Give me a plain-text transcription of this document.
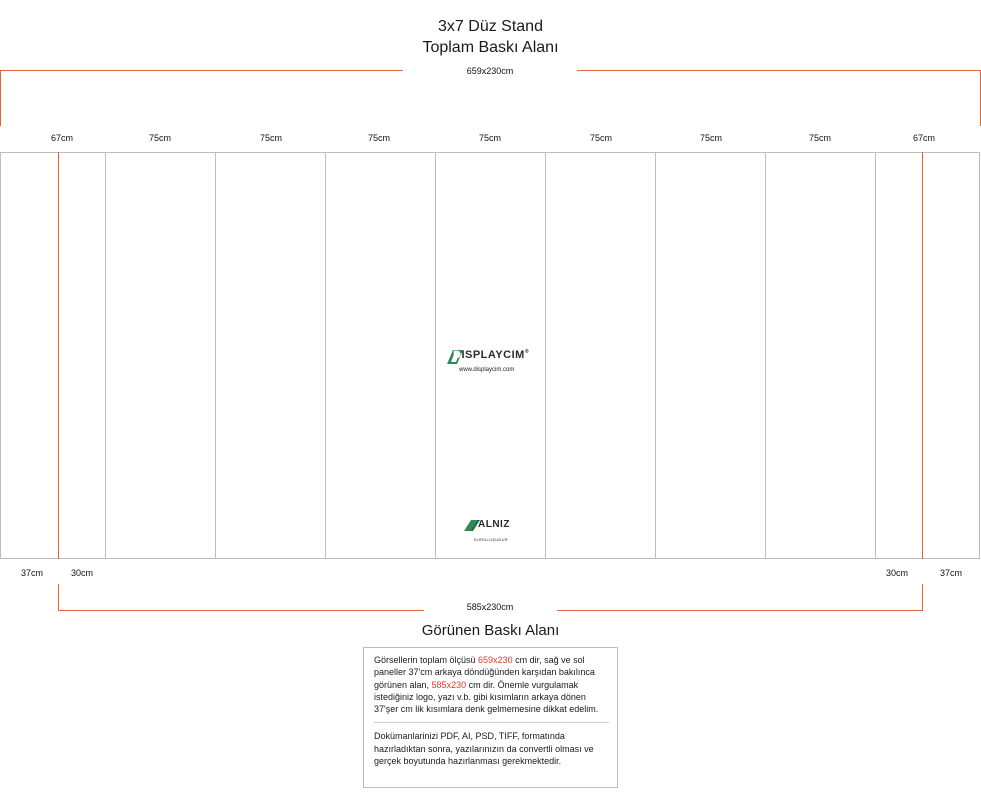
3x7 Düz Stand
Toplam Baskı Alanı
659x230cm
67cm	75cm	75cm	75cm	75cm	75cm	75cm	75cm	67cm
DISPLAYCIM®
www.displaycim.com
ALNIZ
KURULUŞUDUR
37cm	30cm	30cm	37cm
585x230cm
Görünen Baskı Alanı

Görsellerin toplam ölçüsü 659x230 cm dir, sağ ve sol paneller 37'cm arkaya döndüğünden karşıdan bakılınca görünen alan, 585x230 cm dir. Önemle vurgulamak istediğiniz logo, yazı v.b. gibi kısımların arkaya dönen 37'şer cm lik kısımlara denk gelmemesine dikkat edelim.

Dokümanlarinizi PDF, AI, PSD, TIFF, formatında hazırladıktan sonra, yazılarınızın da convertli olması ve gerçek boyutunda hazırlanması gerekmektedir.
